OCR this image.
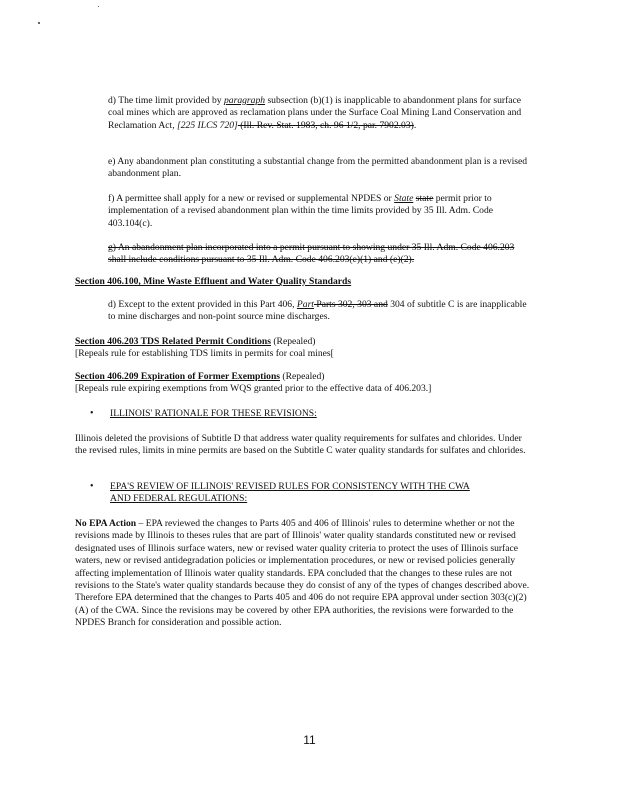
d) The time limit provided by paragraph subsection (b)(1) is inapplicable to abandonment plans for surface coal mines which are approved as reclamation plans under the Surface Coal Mining Land Conservation and Reclamation Act, [225 ILCS 720] (Ill. Rev. Stat. 1983, ch. 96 1/2, par. 7902.03).
e) Any abandonment plan constituting a substantial change from the permitted abandonment plan is a revised abandonment plan.
f) A permittee shall apply for a new or revised or supplemental NPDES or State state permit prior to implementation of a revised abandonment plan within the time limits provided by 35 Ill. Adm. Code 403.104(c).
g) An abandonment plan incorporated into a permit pursuant to showing under 35 Ill. Adm. Code 406.203 shall include conditions pursuant to 35 Ill. Adm. Code 406.203(e)(1) and (e)(2).
Section 406.100, Mine Waste Effluent and Water Quality Standards
d) Except to the extent provided in this Part 406, Part Parts 302, 303 and 304 of subtitle C is are inapplicable to mine discharges and non-point source mine discharges.
Section 406.203 TDS Related Permit Conditions (Repealed)
[Repeals rule for establishing TDS limits in permits for coal mines[
Section 406.209 Expiration of Former Exemptions (Repealed)
[Repeals rule expiring exemptions from WQS granted prior to the effective data of 406.203.]
• ILLINOIS' RATIONALE FOR THESE REVISIONS:
Illinois deleted the provisions of Subtitle D that address water quality requirements for sulfates and chlorides. Under the revised rules, limits in mine permits are based on the Subtitle C water quality standards for sulfates and chlorides.
• EPA'S REVIEW OF ILLINOIS' REVISED RULES FOR CONSISTENCY WITH THE CWA
AND FEDERAL REGULATIONS:
No EPA Action – EPA reviewed the changes to Parts 405 and 406 of Illinois' rules to determine whether or not the revisions made by Illinois to theses rules that are part of Illinois' water quality standards constituted new or revised designated uses of Illinois surface waters, new or revised water quality criteria to protect the uses of Illinois surface waters, new or revised antidegradation policies or implementation procedures, or new or revised policies generally affecting implementation of Illinois water quality standards. EPA concluded that the changes to these rules are not revisions to the State's water quality standards because they do consist of any of the types of changes described above. Therefore EPA determined that the changes to Parts 405 and 406 do not require EPA approval under section 303(c)(2)(A) of the CWA. Since the revisions may be covered by other EPA authorities, the revisions were forwarded to the NPDES Branch for consideration and possible action.
11
